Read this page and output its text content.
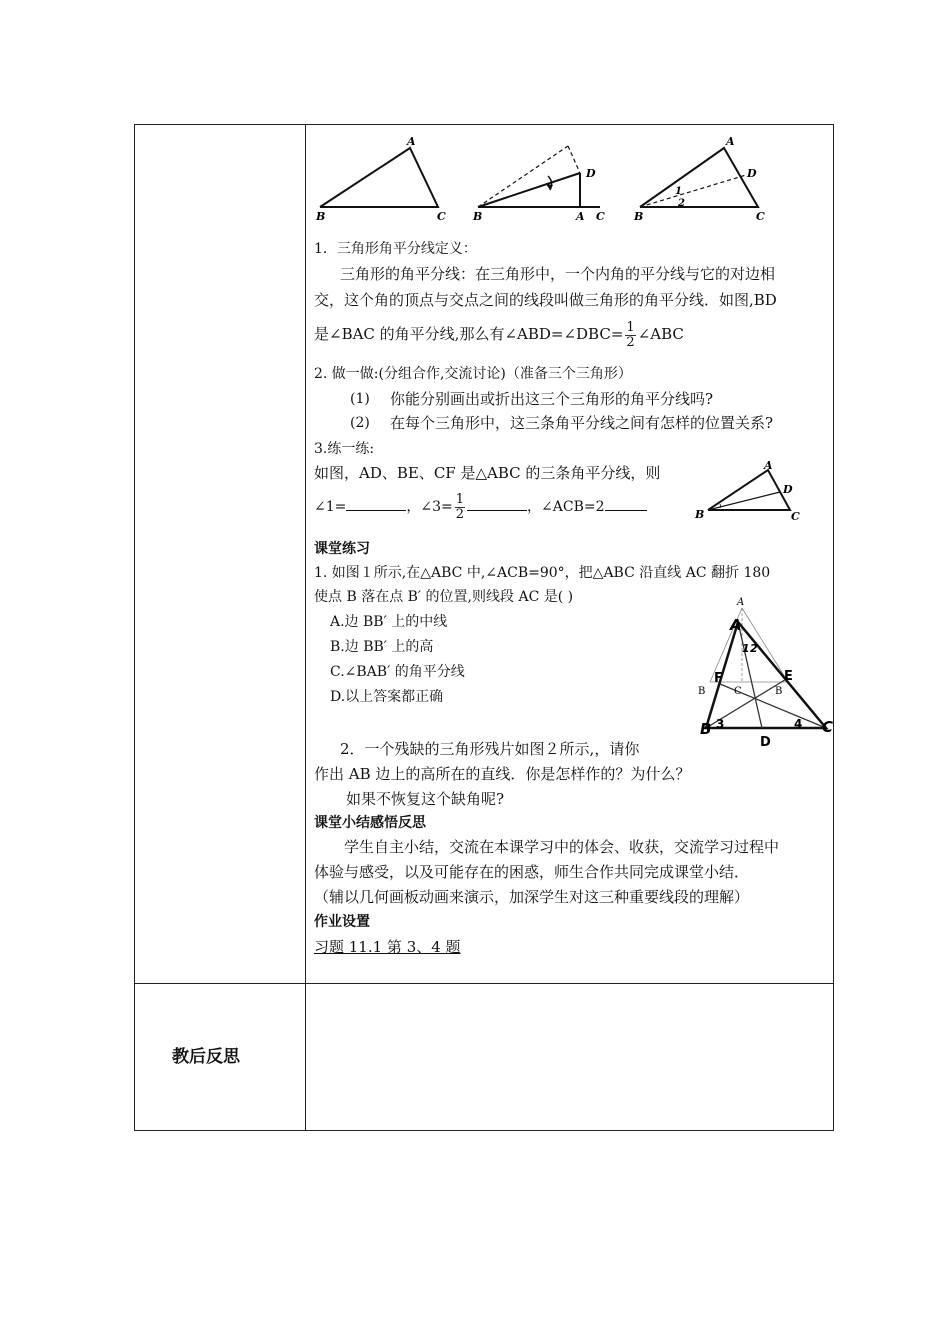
A
B	C
D
B	A C
A
D
B	C
1
2
1．三角形角平分线定义：
三角形的角平分线：在三角形中，一个内角的平分线与它的对边相
交，这个角的顶点与交点之间的线段叫做三角形的角平分线．如图,BD
是∠BAC 的角平分线,那么有∠ABD=∠DBC= $\frac{1}{2}$ ∠ABC
2. 做一做:(分组合作,交流讨论)（准备三个三角形）
(1) 你能分别画出或折出这三个三角形的角平分线吗?
(2) 在每个三角形中，这三条角平分线之间有怎样的位置关系?
3.练一练:
如图，AD、BE、CF 是△ABC 的三条角平分线，则
∠1=	，∠3= $\frac{1}{2}$	，∠ACB=2
A
D
B	C
课堂练习
1. 如图１所示,在△ABC 中,∠ACB=90°，把△ABC 沿直线 AC 翻折 180
使点 B 落在点 B′ 的位置,则线段 AC 是( )
A.边 BB′ 上的中线
B.边 BB′ 上的高
C.∠BAB′ 的角平分线
D.以上答案都正确
A
A
1 2
F	E
B	C	B
B 3	4 C
D
2．一个残缺的三角形残片如图２所示,，请你
作出 AB 边上的高所在的直线．你是怎样作的？为什么？
如果不恢复这个缺角呢?
课堂小结感悟反思
学生自主小结，交流在本课学习中的体会、收获，交流学习过程中
体验与感受，以及可能存在的困惑，师生合作共同完成课堂小结．
（辅以几何画板动画来演示，加深学生对这三种重要线段的理解）
作业设置
习题 11.1 第 3、4 题
教后反思
